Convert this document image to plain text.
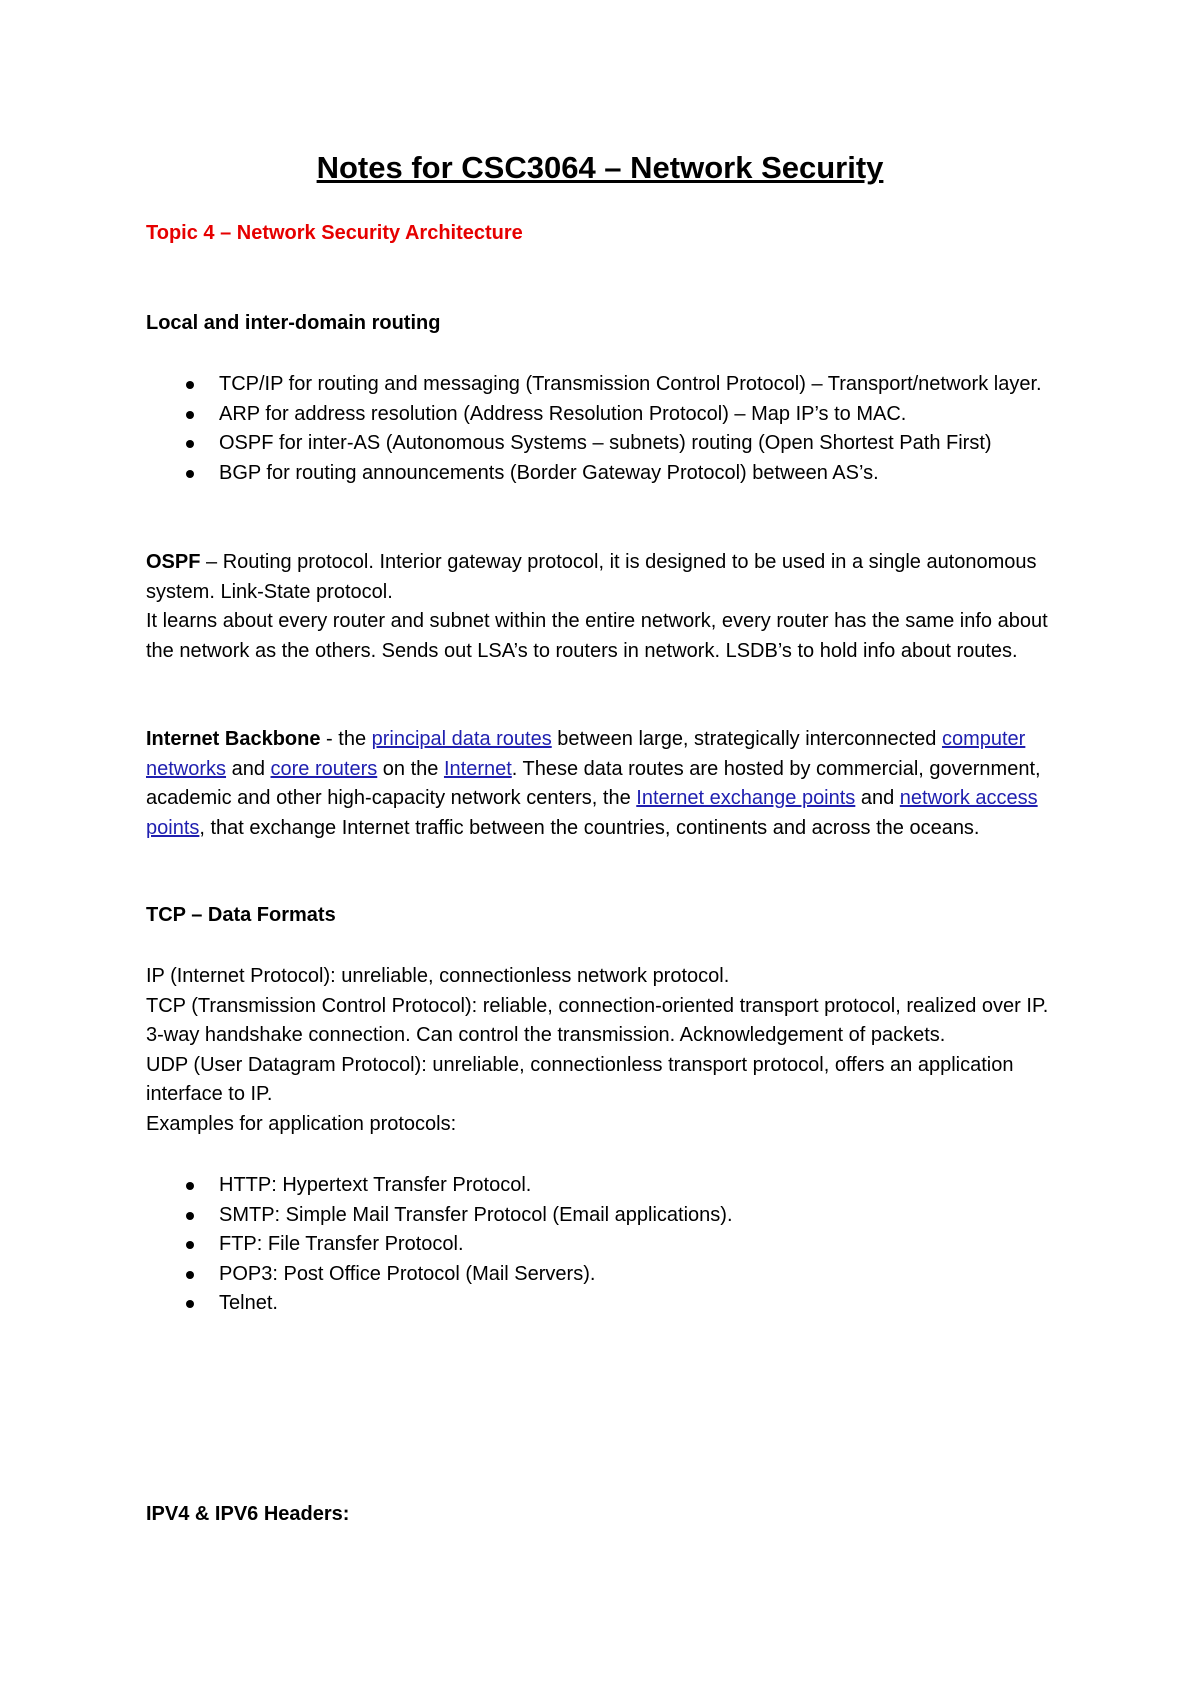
Notes for CSC3064 – Network Security
Topic 4 – Network Security Architecture
Local and inter-domain routing
TCP/IP for routing and messaging (Transmission Control Protocol) – Transport/network layer.
ARP for address resolution (Address Resolution Protocol) – Map IP’s to MAC.
OSPF for inter-AS (Autonomous Systems – subnets) routing (Open Shortest Path First)
BGP for routing announcements (Border Gateway Protocol) between AS’s.
OSPF – Routing protocol. Interior gateway protocol, it is designed to be used in a single autonomous system. Link-State protocol.
It learns about every router and subnet within the entire network, every router has the same info about the network as the others. Sends out LSA’s to routers in network. LSDB’s to hold info about routes.
Internet Backbone - the principal data routes between large, strategically interconnected computer networks and core routers on the Internet. These data routes are hosted by commercial, government, academic and other high-capacity network centers, the Internet exchange points and network access points, that exchange Internet traffic between the countries, continents and across the oceans.
TCP – Data Formats
IP (Internet Protocol): unreliable, connectionless network protocol.
TCP (Transmission Control Protocol): reliable, connection-oriented transport protocol, realized over IP. 3-way handshake connection. Can control the transmission. Acknowledgement of packets.
UDP (User Datagram Protocol): unreliable, connectionless transport protocol, offers an application interface to IP.
Examples for application protocols:
HTTP: Hypertext Transfer Protocol.
SMTP: Simple Mail Transfer Protocol (Email applications).
FTP: File Transfer Protocol.
POP3: Post Office Protocol (Mail Servers).
Telnet.
IPV4 & IPV6 Headers:
